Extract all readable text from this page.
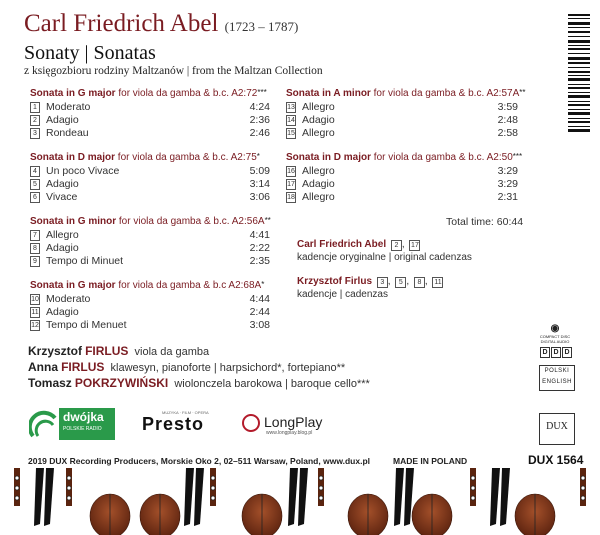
Carl Friedrich Abel (1723 – 1787)
Sonaty | Sonatas
z księgozbioru rodziny Maltzanów | from the Maltzan Collection
Sonata in G major for viola da gamba & b.c. A2:72***
1 Moderato	4:24
2 Adagio	2:36
3 Rondeau	2:46
Sonata in D major for viola da gamba & b.c. A2:75*
4 Un poco Vivace	5:09
5 Adagio	3:14
6 Vivace	3:06
Sonata in G minor for viola da gamba & b.c. A2:56A**
7 Allegro	4:41
8 Adagio	2:22
9 Tempo di Minuet	2:35
Sonata in G major for viola da gamba & b.c A2:68A*
10 Moderato	4:44
11 Adagio	2:44
12 Tempo di Menuet	3:08
Sonata in A minor for viola da gamba & b.c. A2:57A**
13 Allegro	3:59
14 Adagio	2:48
15 Allegro	2:58
Sonata in D major for viola da gamba & b.c. A2:50***
16 Allegro	3:29
17 Adagio	3:29
18 Allegro	2:31
Total time: 60:44
Carl Friedrich Abel 2 , 17
kadencje oryginalne | original cadenzas
Krzysztof Firlus 3 , 5 , 8 , 11
kadencje | cadenzas
Krzysztof FIRLUS viola da gamba
Anna FIRLUS klawesyn, pianoforte | harpsichord*, fortepiano**
Tomasz POKRZYWIŃSKI wiolonczela barokowa | baroque cello***
◉
COMPACT DISC DIGITAL AUDIO
D D D
POLSKI
ENGLISH
DUX
dwójka
POLSKIE RADIO
MUZYKA · FILM · OPERA
Presto	LongPlay
www.longplay.blog.pl
2019 DUX Recording Producers, Morskie Oko 2, 02–511 Warsaw, Poland, www.dux.pl	MADE IN POLAND	DUX 1564
